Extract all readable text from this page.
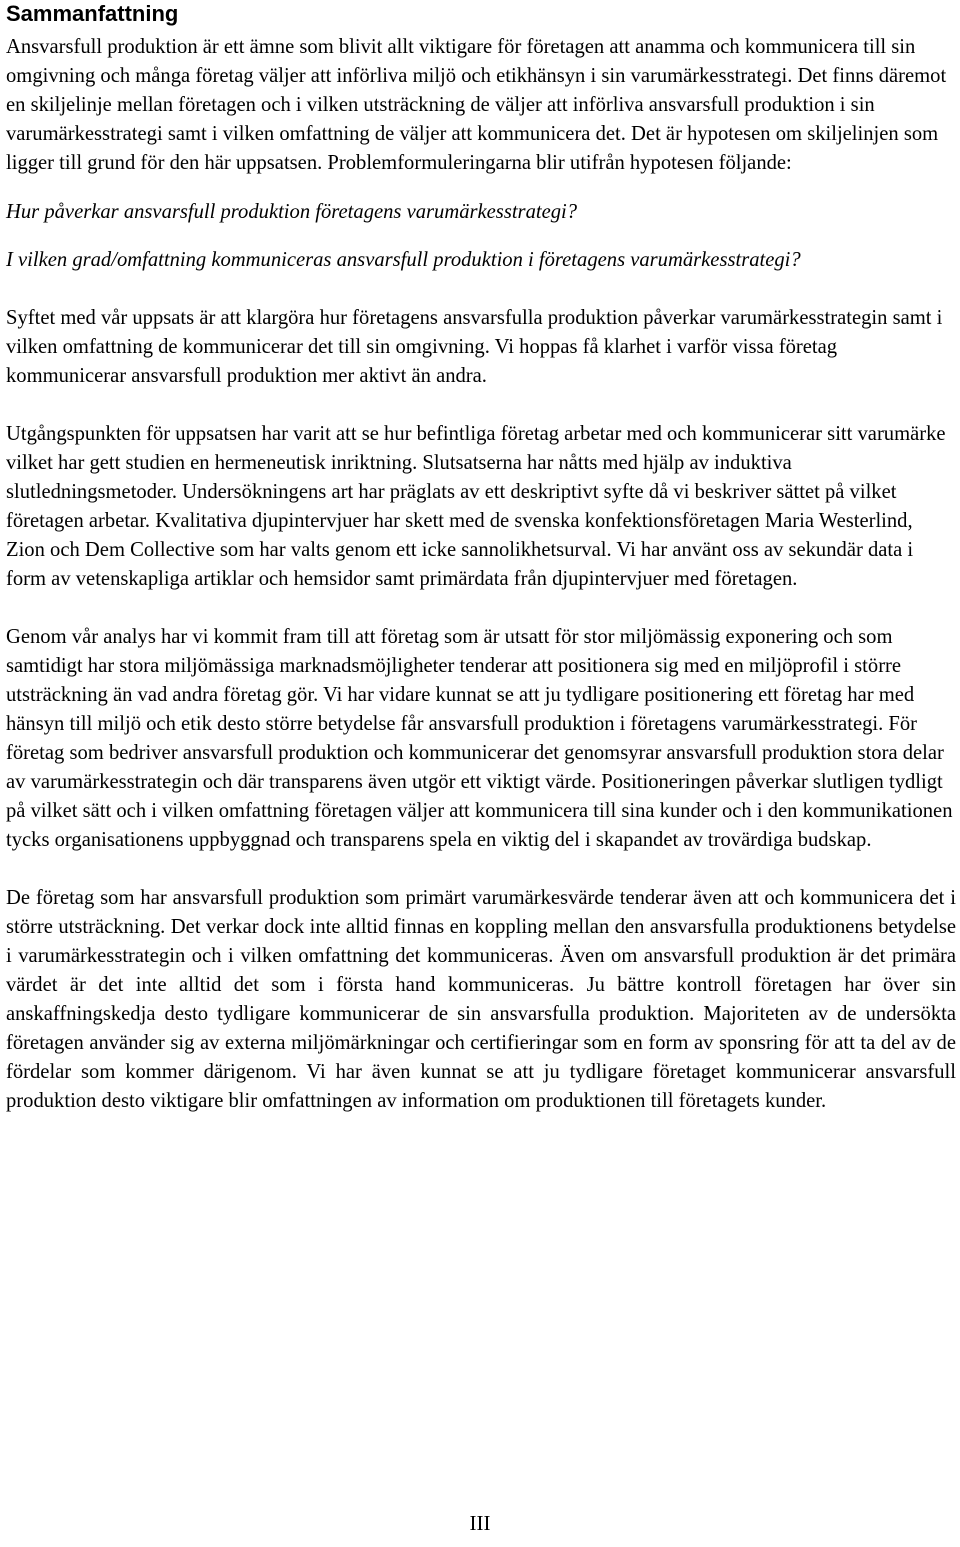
Sammanfattning

Ansvarsfull produktion är ett ämne som blivit allt viktigare för företagen att anamma och kommunicera till sin omgivning och många företag väljer att införliva miljö och etikhänsyn i sin varumärkesstrategi. Det finns däremot en skiljelinje mellan företagen och i vilken utsträckning de väljer att införliva ansvarsfull produktion i sin varumärkesstrategi samt i vilken omfattning de väljer att kommunicera det. Det är hypotesen om skiljelinjen som ligger till grund för den här uppsatsen. Problemformuleringarna blir utifrån hypotesen följande:

Hur påverkar ansvarsfull produktion företagens varumärkesstrategi?

I vilken grad/omfattning kommuniceras ansvarsfull produktion i företagens varumärkesstrategi?

Syftet med vår uppsats är att klargöra hur företagens ansvarsfulla produktion påverkar varumärkesstrategin samt i vilken omfattning de kommunicerar det till sin omgivning. Vi hoppas få klarhet i varför vissa företag kommunicerar ansvarsfull produktion mer aktivt än andra.

Utgångspunkten för uppsatsen har varit att se hur befintliga företag arbetar med och kommunicerar sitt varumärke vilket har gett studien en hermeneutisk inriktning. Slutsatserna har nåtts med hjälp av induktiva slutledningsmetoder. Undersökningens art har präglats av ett deskriptivt syfte då vi beskriver sättet på vilket företagen arbetar. Kvalitativa djupintervjuer har skett med de svenska konfektionsföretagen Maria Westerlind, Zion och Dem Collective som har valts genom ett icke sannolikhetsurval. Vi har använt oss av sekundär data i form av vetenskapliga artiklar och hemsidor samt primärdata från djupintervjuer med företagen.

Genom vår analys har vi kommit fram till att företag som är utsatt för stor miljömässig exponering och som samtidigt har stora miljömässiga marknadsmöjligheter tenderar att positionera sig med en miljöprofil i större utsträckning än vad andra företag gör. Vi har vidare kunnat se att ju tydligare positionering ett företag har med hänsyn till miljö och etik desto större betydelse får ansvarsfull produktion i företagens varumärkesstrategi. För företag som bedriver ansvarsfull produktion och kommunicerar det genomsyrar ansvarsfull produktion stora delar av varumärkesstrategin och där transparens även utgör ett viktigt värde. Positioneringen påverkar slutligen tydligt på vilket sätt och i vilken omfattning företagen väljer att kommunicera till sina kunder och i den kommunikationen tycks organisationens uppbyggnad och transparens spela en viktig del i skapandet av trovärdiga budskap.

De företag som har ansvarsfull produktion som primärt varumärkesvärde tenderar även att och kommunicera det i större utsträckning. Det verkar dock inte alltid finnas en koppling mellan den ansvarsfulla produktionens betydelse i varumärkesstrategin och i vilken omfattning det kommuniceras. Även om ansvarsfull produktion är det primära värdet är det inte alltid det som i första hand kommuniceras. Ju bättre kontroll företagen har över sin anskaffningskedja desto tydligare kommunicerar de sin ansvarsfulla produktion. Majoriteten av de undersökta företagen använder sig av externa miljömärkningar och certifieringar som en form av sponsring för att ta del av de fördelar som kommer därigenom. Vi har även kunnat se att ju tydligare företaget kommunicerar ansvarsfull produktion desto viktigare blir omfattningen av information om produktionen till företagets kunder.

III
